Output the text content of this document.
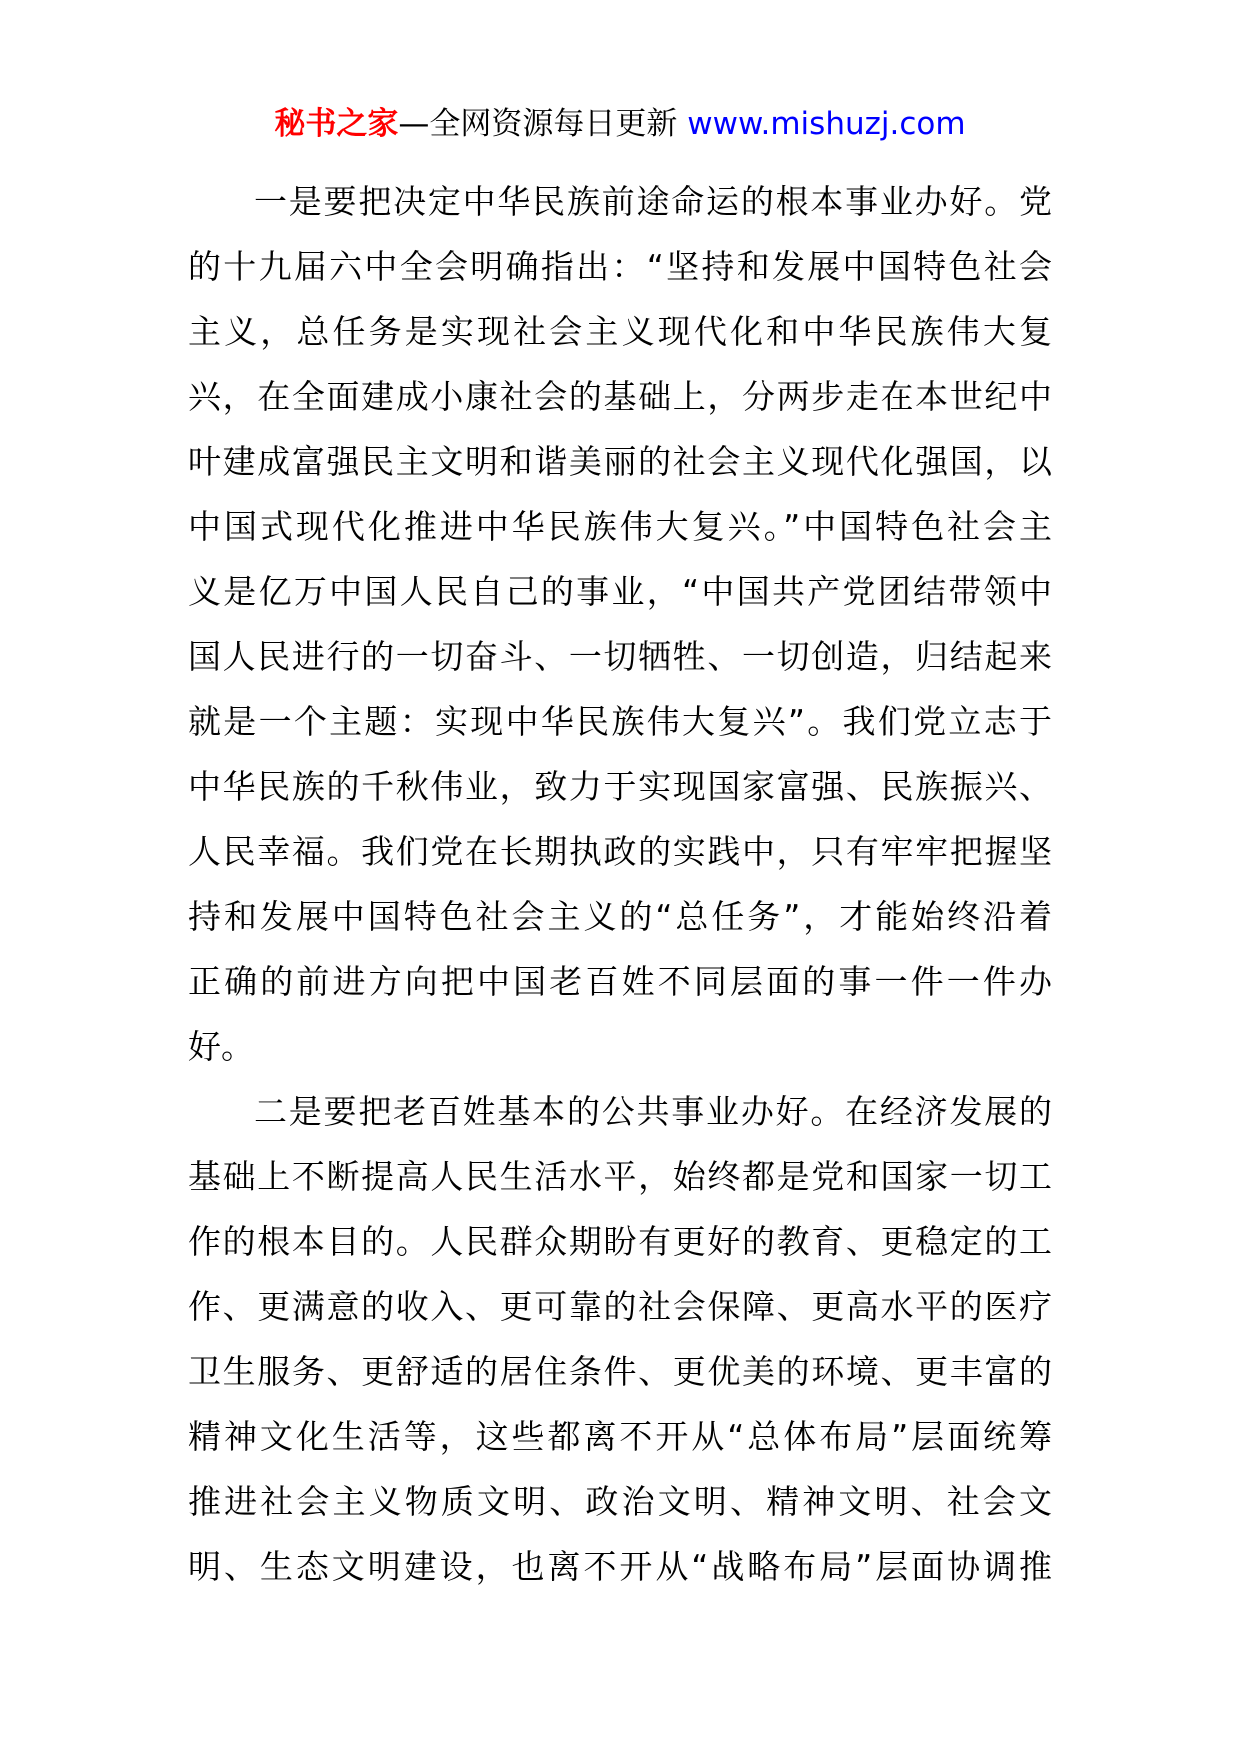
秘书之家—全网资源每日更新 www.mishuzj.com
一是要把决定中华民族前途命运的根本事业办好。党
的十九届六中全会明确指出：“坚持和发展中国特色社会
主义，总任务是实现社会主义现代化和中华民族伟大复
兴，在全面建成小康社会的基础上，分两步走在本世纪中
叶建成富强民主文明和谐美丽的社会主义现代化强国，以
中国式现代化推进中华民族伟大复兴。”中国特色社会主
义是亿万中国人民自己的事业，“中国共产党团结带领中
国人民进行的一切奋斗、一切牺牲、一切创造，归结起来
就是一个主题：实现中华民族伟大复兴”。我们党立志于
中华民族的千秋伟业，致力于实现国家富强、民族振兴、
人民幸福。我们党在长期执政的实践中，只有牢牢把握坚
持和发展中国特色社会主义的“总任务”，才能始终沿着
正确的前进方向把中国老百姓不同层面的事一件一件办
好。
二是要把老百姓基本的公共事业办好。在经济发展的
基础上不断提高人民生活水平，始终都是党和国家一切工
作的根本目的。人民群众期盼有更好的教育、更稳定的工
作、更满意的收入、更可靠的社会保障、更高水平的医疗
卫生服务、更舒适的居住条件、更优美的环境、更丰富的
精神文化生活等，这些都离不开从“总体布局”层面统筹
推进社会主义物质文明、政治文明、精神文明、社会文
明、生态文明建设，也离不开从“战略布局”层面协调推
